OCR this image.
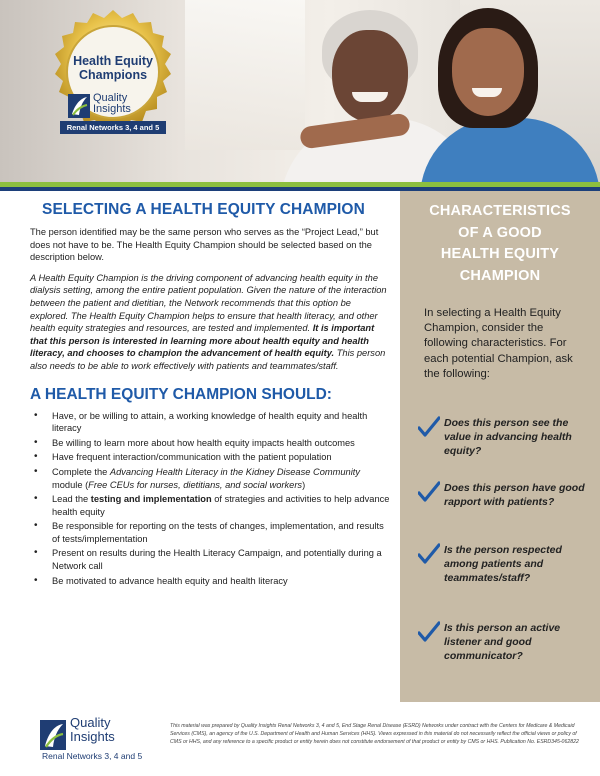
Health Equity
Champions
Quality
Insights
Renal Networks 3, 4 and 5
SELECTING A HEALTH EQUITY CHAMPION

The person identified may be the same person who serves as the “Project Lead,” but does not have to be. The Health Equity Champion should be selected based on the description below.

A Health Equity Champion is the driving component of advancing health equity in the dialysis setting, among the entire patient population. Given the nature of the interaction between the patient and dietitian, the Network recommends that this option be explored. The Health Equity Champion helps to ensure that health literacy, and other health equity strategies and resources, are tested and implemented. It is important that this person is interested in learning more about health equity and health literacy, and chooses to champion the advancement of health equity. This person also needs to be able to work effectively with patients and teammates/staff.

A HEALTH EQUITY CHAMPION SHOULD:
• Have, or be willing to attain, a working knowledge of health equity and health literacy
• Be willing to learn more about how health equity impacts health outcomes
• Have frequent interaction/communication with the patient population
• Complete the Advancing Health Literacy in the Kidney Disease Community module (Free CEUs for nurses, dietitians, and social workers)
• Lead the testing and implementation of strategies and activities to help advance health equity
• Be responsible for reporting on the tests of changes, implementation, and results of tests/implementation
• Present on results during the Health Literacy Campaign, and potentially during a Network call
• Be motivated to advance health equity and health literacy
CHARACTERISTICS
OF A GOOD
HEALTH EQUITY
CHAMPION

In selecting a Health Equity Champion, consider the following characteristics. For each potential Champion, ask the following:

Does this person see the value in advancing health equity?
Does this person have good rapport with patients?
Is the person respected among patients and teammates/staff?
Is this person an active listener and good communicator?
Quality
Insights
Renal Networks 3, 4 and 5

This material was prepared by Quality Insights Renal Networks 3, 4 and 5, End Stage Renal Disease (ESRD) Networks under contract with the Centers for Medicare & Medicaid Services (CMS), an agency of the U.S. Department of Health and Human Services (HHS). Views expressed in this material do not necessarily reflect the official views or policy of CMS or HHS, and any reference to a specific product or entity herein does not constitute endorsement of that product or entity by CMS or HHS. Publication No. ESRD345-062822
